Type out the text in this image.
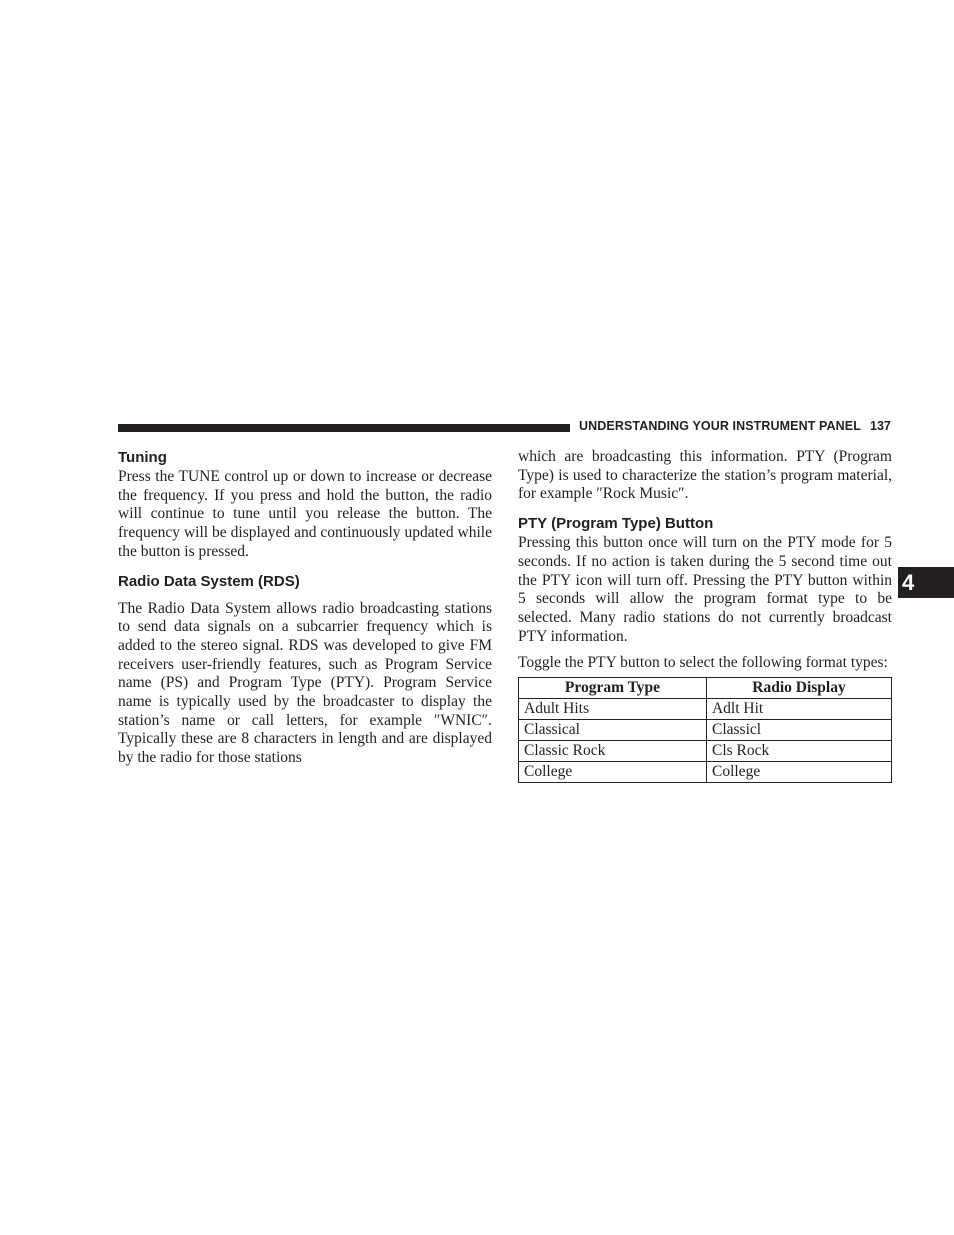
UNDERSTANDING YOUR INSTRUMENT PANEL 137
4
Tuning

Press the TUNE control up or down to increase or decrease the frequency. If you press and hold the button, the radio will continue to tune until you release the button. The frequency will be displayed and continuously updated while the button is pressed.

Radio Data System (RDS)

The Radio Data System allows radio broadcasting stations to send data signals on a subcarrier frequency which is added to the stereo signal. RDS was developed to give FM receivers user-friendly features, such as Program Service name (PS) and Program Type (PTY). Program Service name is typically used by the broadcaster to display the station’s name or call letters, for example ″WNIC″. Typically these are 8 characters in length and are displayed by the radio for those stations

which are broadcasting this information. PTY (Program Type) is used to characterize the station’s program material, for example ″Rock Music″.

PTY (Program Type) Button

Pressing this button once will turn on the PTY mode for 5 seconds. If no action is taken during the 5 second time out the PTY icon will turn off. Pressing the PTY button within 5 seconds will allow the program format type to be selected. Many radio stations do not currently broadcast PTY information.

Toggle the PTY button to select the following format types:

Program Type	Radio Display
Adult Hits	Adlt Hit
Classical	Classicl
Classic Rock	Cls Rock
College	College
